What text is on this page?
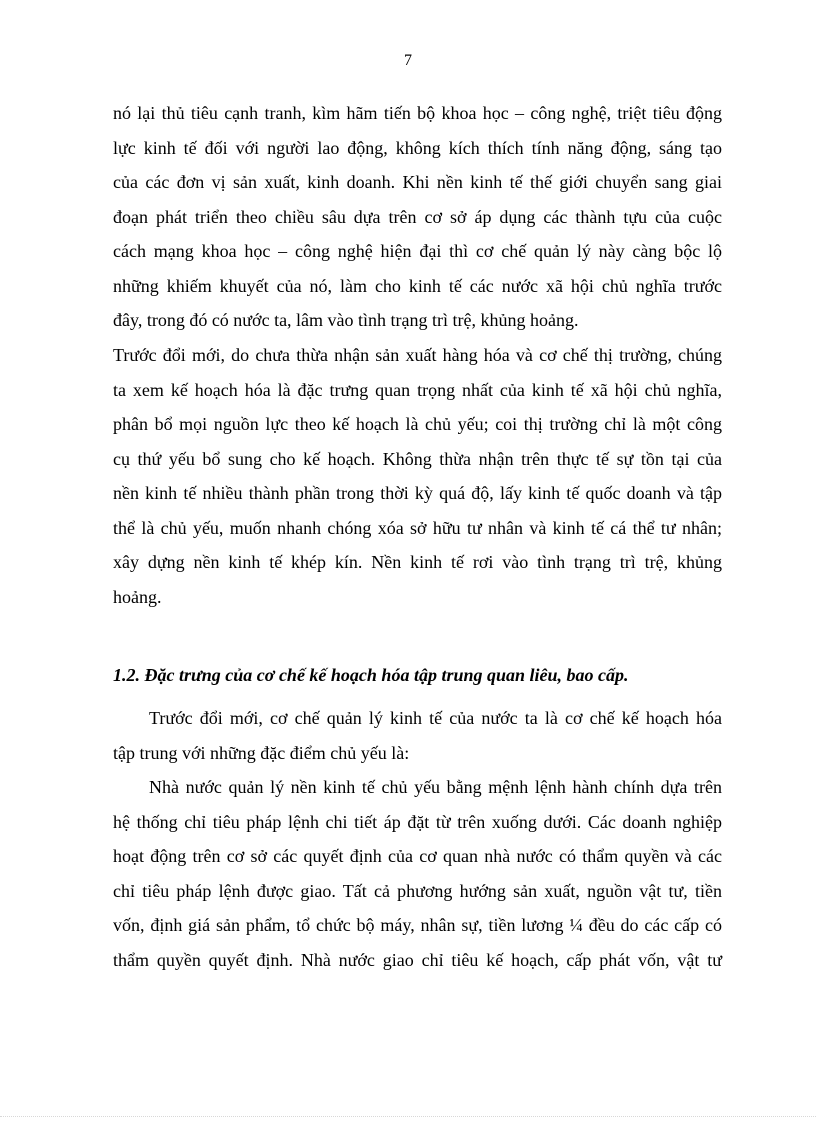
7
nó lại thủ tiêu cạnh tranh, kìm hãm tiến bộ khoa học – công nghệ, triệt tiêu động
lực kinh tế đối với người lao động, không kích thích tính năng động, sáng tạo
của các đơn vị sản xuất, kinh doanh. Khi nền kinh tế thế giới chuyển sang giai
đoạn phát triển theo chiều sâu dựa trên cơ sở áp dụng các thành tựu của cuộc
cách mạng khoa học – công nghệ hiện đại thì cơ chế quản lý này càng bộc lộ
những khiếm khuyết của nó, làm cho kinh tế các nước xã hội chủ nghĩa trước
đây, trong đó có nước ta, lâm vào tình trạng trì trệ, khủng hoảng.
Trước đổi mới, do chưa thừa nhận sản xuất hàng hóa và cơ chế thị trường, chúng
ta xem kế hoạch hóa là đặc trưng quan trọng nhất của kinh tế xã hội chủ nghĩa,
phân bổ mọi nguồn lực theo kế hoạch là chủ yếu; coi thị trường chỉ là một công
cụ thứ yếu bổ sung cho kế hoạch. Không thừa nhận trên thực tế sự tồn tại của
nền kinh tế nhiều thành phần trong thời kỳ quá độ, lấy kinh tế quốc doanh và tập
thể là chủ yếu, muốn nhanh chóng xóa sở hữu tư nhân và kinh tế cá thể tư nhân;
xây dựng nền kinh tế khép kín. Nền kinh tế rơi vào tình trạng trì trệ, khủng
hoảng.
1.2. Đặc trưng của cơ chế kế hoạch hóa tập trung quan liêu, bao cấp.
Trước đổi mới, cơ chế quản lý kinh tế của nước ta là cơ chế kế hoạch hóa
tập trung với những đặc điểm chủ yếu là:
Nhà nước quản lý nền kinh tế chủ yếu bằng mệnh lệnh hành chính dựa trên
hệ thống chỉ tiêu pháp lệnh chi tiết áp đặt từ trên xuống dưới. Các doanh nghiệp
hoạt động trên cơ sở các quyết định của cơ quan nhà nước có thẩm quyền và các
chỉ tiêu pháp lệnh được giao. Tất cả phương hướng sản xuất, nguồn vật tư, tiền
vốn, định giá sản phẩm, tổ chức bộ máy, nhân sự, tiền lương ¼ đều do các cấp có
thẩm quyền quyết định. Nhà nước giao chỉ tiêu kế hoạch, cấp phát vốn, vật tư
